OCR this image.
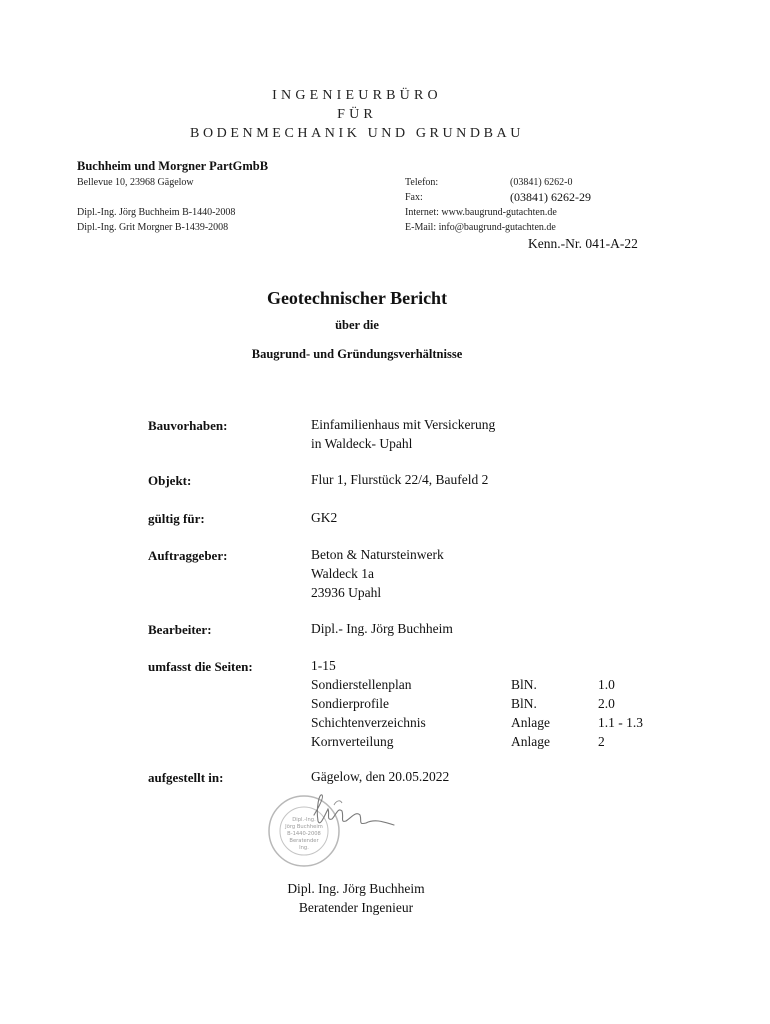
INGENIEURBÜRO
FÜR
BODENMECHANIK UND GRUNDBAU
Buchheim und Morgner PartGmbB
Bellevue 10, 23968 Gägelow
Dipl.-Ing. Jörg Buchheim B-1440-2008
Dipl.-Ing. Grit Morgner B-1439-2008
Telefon:	(03841) 6262-0
Fax:	(03841) 6262-29
Internet: www.baugrund-gutachten.de
E-Mail: info@baugrund-gutachten.de
Kenn.-Nr. 041-A-22
Geotechnischer Bericht
über die
Baugrund- und Gründungsverhältnisse
Bauvorhaben:	Einfamilienhaus mit Versickerung
in Waldeck- Upahl
Objekt:	Flur 1, Flurstück 22/4, Baufeld 2
gültig für:	GK2
Auftraggeber:	Beton & Natursteinwerk
Waldeck 1a
23936 Upahl
Bearbeiter:	Dipl.- Ing. Jörg Buchheim
umfasst die Seiten:	1-15
Sondierstellenplan	BlN.	1.0
Sondierprofile	BlN.	2.0
Schichtenverzeichnis	Anlage	1.1 - 1.3
Kornverteilung	Anlage	2
aufgestellt in:	Gägelow, den 20.05.2022
Dipl.-Ing.
Jörg Buchheim
B-1440-2008
Beratender
Ing.
Dipl. Ing. Jörg Buchheim
Beratender Ingenieur
